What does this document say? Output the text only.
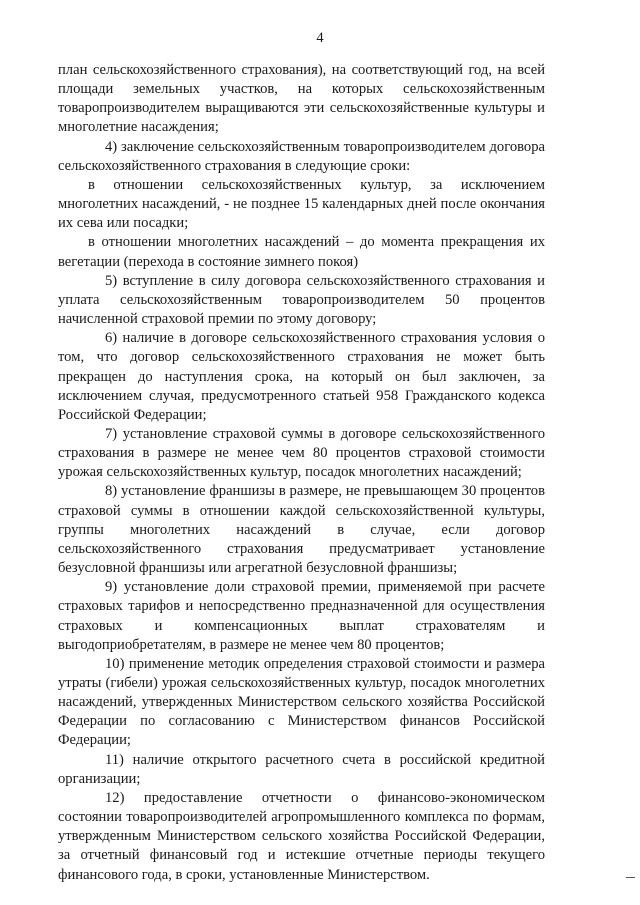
4

план сельскохозяйственного страхования), на соответствующий год, на всей площади земельных участков, на которых сельскохозяйственным товаропроизводителем выращиваются эти сельскохозяйственные культуры и многолетние насаждения;

4) заключение сельскохозяйственным товаропроизводителем договора сельскохозяйственного страхования в следующие сроки:

в отношении сельскохозяйственных культур, за исключением многолетних насаждений, - не позднее 15 календарных дней после окончания их сева или посадки;

в отношении многолетних насаждений – до момента прекращения их вегетации (перехода в состояние зимнего покоя)

5) вступление в силу договора сельскохозяйственного страхования и уплата сельскохозяйственным товаропроизводителем 50 процентов начисленной страховой премии по этому договору;

6) наличие в договоре сельскохозяйственного страхования условия о том, что договор сельскохозяйственного страхования не может быть прекращен до наступления срока, на который он был заключен, за исключением случая, предусмотренного статьей 958 Гражданского кодекса Российской Федерации;

7) установление страховой суммы в договоре сельскохозяйственного страхования в размере не менее чем 80 процентов страховой стоимости урожая сельскохозяйственных культур, посадок многолетних насаждений;

8) установление франшизы в размере, не превышающем 30 процентов страховой суммы в отношении каждой сельскохозяйственной культуры, группы многолетних насаждений в случае, если договор сельскохозяйственного страхования предусматривает установление безусловной франшизы или агрегатной безусловной франшизы;

9) установление доли страховой премии, применяемой при расчете страховых тарифов и непосредственно предназначенной для осуществления страховых и компенсационных выплат страхователям и выгодоприобретателям, в размере не менее чем 80 процентов;

10) применение методик определения страховой стоимости и размера утраты (гибели) урожая сельскохозяйственных культур, посадок многолетних насаждений, утвержденных Министерством сельского хозяйства Российской Федерации по согласованию с Министерством финансов Российской Федерации;

11) наличие открытого расчетного счета в российской кредитной организации;

12) предоставление отчетности о финансово-экономическом состоянии товаропроизводителей агропромышленного комплекса по формам, утвержденным Министерством сельского хозяйства Российской Федерации, за отчетный финансовый год и истекшие отчетные периоды текущего финансового года, в сроки, установленные Министерством.
